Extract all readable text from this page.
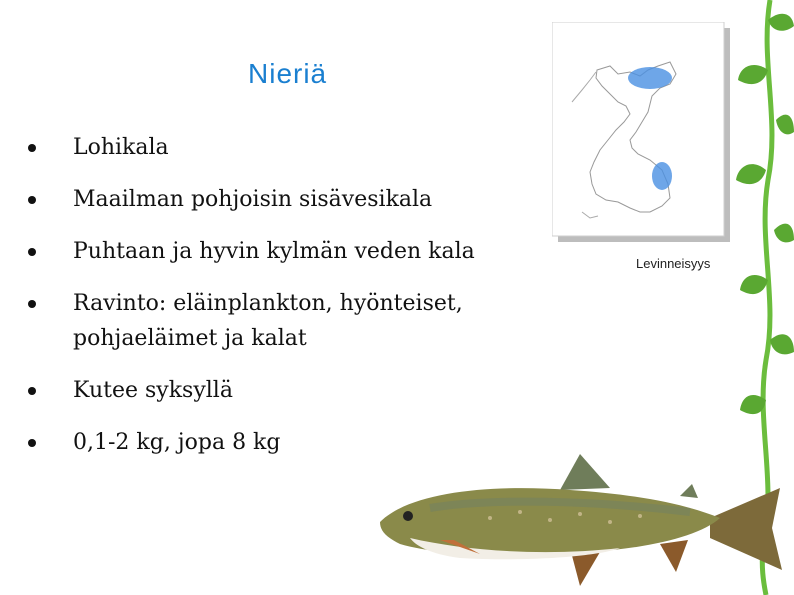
Nieriä
Lohikala
Maailman pohjoisin sisävesikala
Puhtaan ja hyvin kylmän veden kala
Ravinto: eläinplankton, hyönteiset, pohjaeläimet ja kalat
Kutee syksyllä
0,1-2 kg, jopa 8 kg
Levinneisyys
